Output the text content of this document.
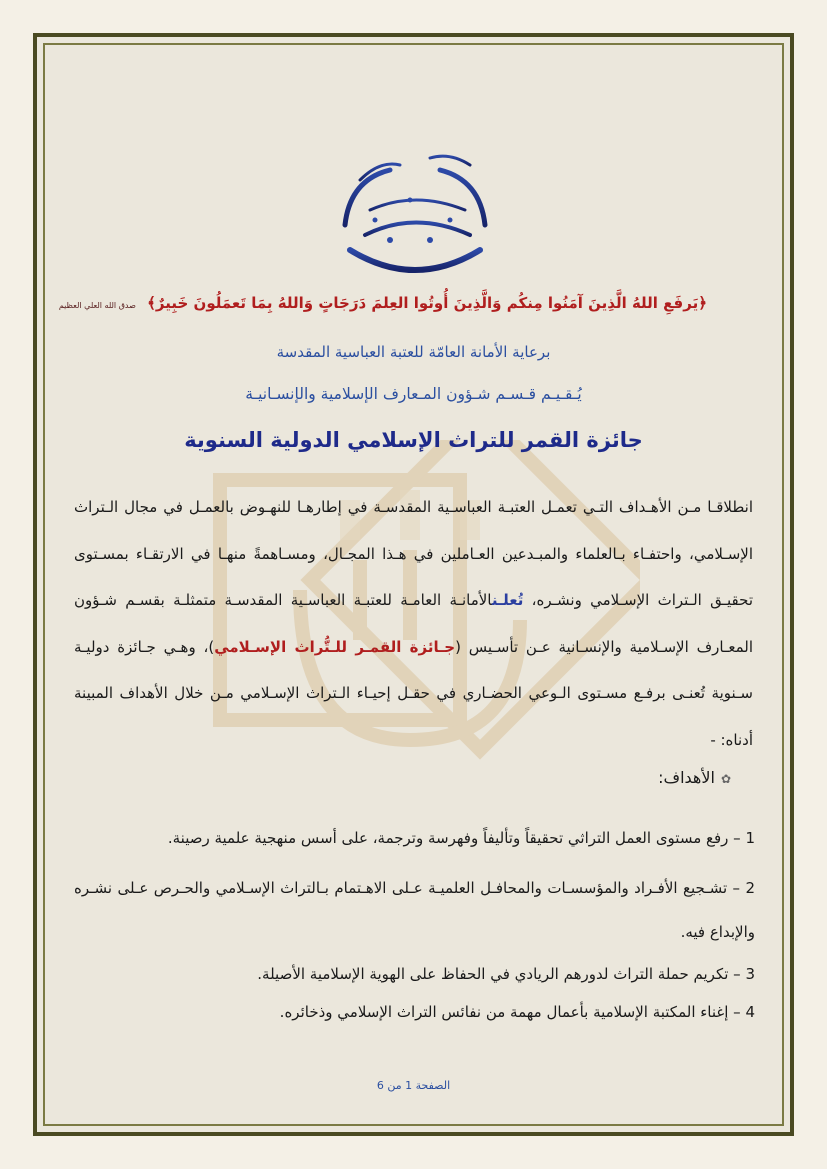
﴿يَرفَعِ اللهُ الَّذِينَ آمَنُوا مِنكُم وَالَّذِينَ أُوتُوا العِلمَ دَرَجَاتٍ وَاللهُ بِمَا تَعمَلُونَ خَبِيرٌ﴾ صدق الله العلي العظيم
برعاية الأمانة العامّة للعتبة العباسية المقدسة
يُـقـيـم قـسـم شـؤون المـعارف الإسلامية والإنسـانيـة
جائزة القمر للتراث الإسلامي الدولية السنوية

انطلاقـا مـن الأهـداف التـي تعمـل العتبـة العباسـية المقدسـة في إطارهـا للنهـوض بالعمـل في مجال الـتراث الإسـلامي، واحتفـاء بـالعلماء والمبـدعين العـاملين في هـذا المجـال، ومسـاهمةً منهـا في الارتقـاء بمسـتوى تحقيـق الـتراث الإسـلامي ونشـره، تُعلـنالأمانـة العامـة للعتبـة العباسـية المقدسـة متمثلـة بقسـم شـؤون المعـارف الإسـلامية والإنسـانية عـن تأسـيس (جـائزة القمـر للـتُّراث الإسـلامي)، وهـي جـائزة دوليـة سـنوية تُعنـى برفـع مسـتوى الـوعي الحضـاري في حقـل إحيـاء الـتراث الإسـلامي مـن خلال الأهداف المبينة أدناه: -

✿الأهداف:
1 – رفع مستوى العمل التراثي تحقيقاً وتأليفاً وفهرسة وترجمة، على أسس منهجية علمية رصينة.
2 – تشـجيع الأفـراد والمؤسسـات والمحافـل العلميـة عـلى الاهـتمام بـالتراث الإسـلامي والحـرص عـلى نشـره والإبداع فيه.
3 – تكريم حملة التراث لدورهم الريادي في الحفاظ على الهوية الإسلامية الأصيلة.
4 – إغناء المكتبة الإسلامية بأعمال مهمة من نفائس التراث الإسلامي وذخائره.
الصفحة 1 من 6
